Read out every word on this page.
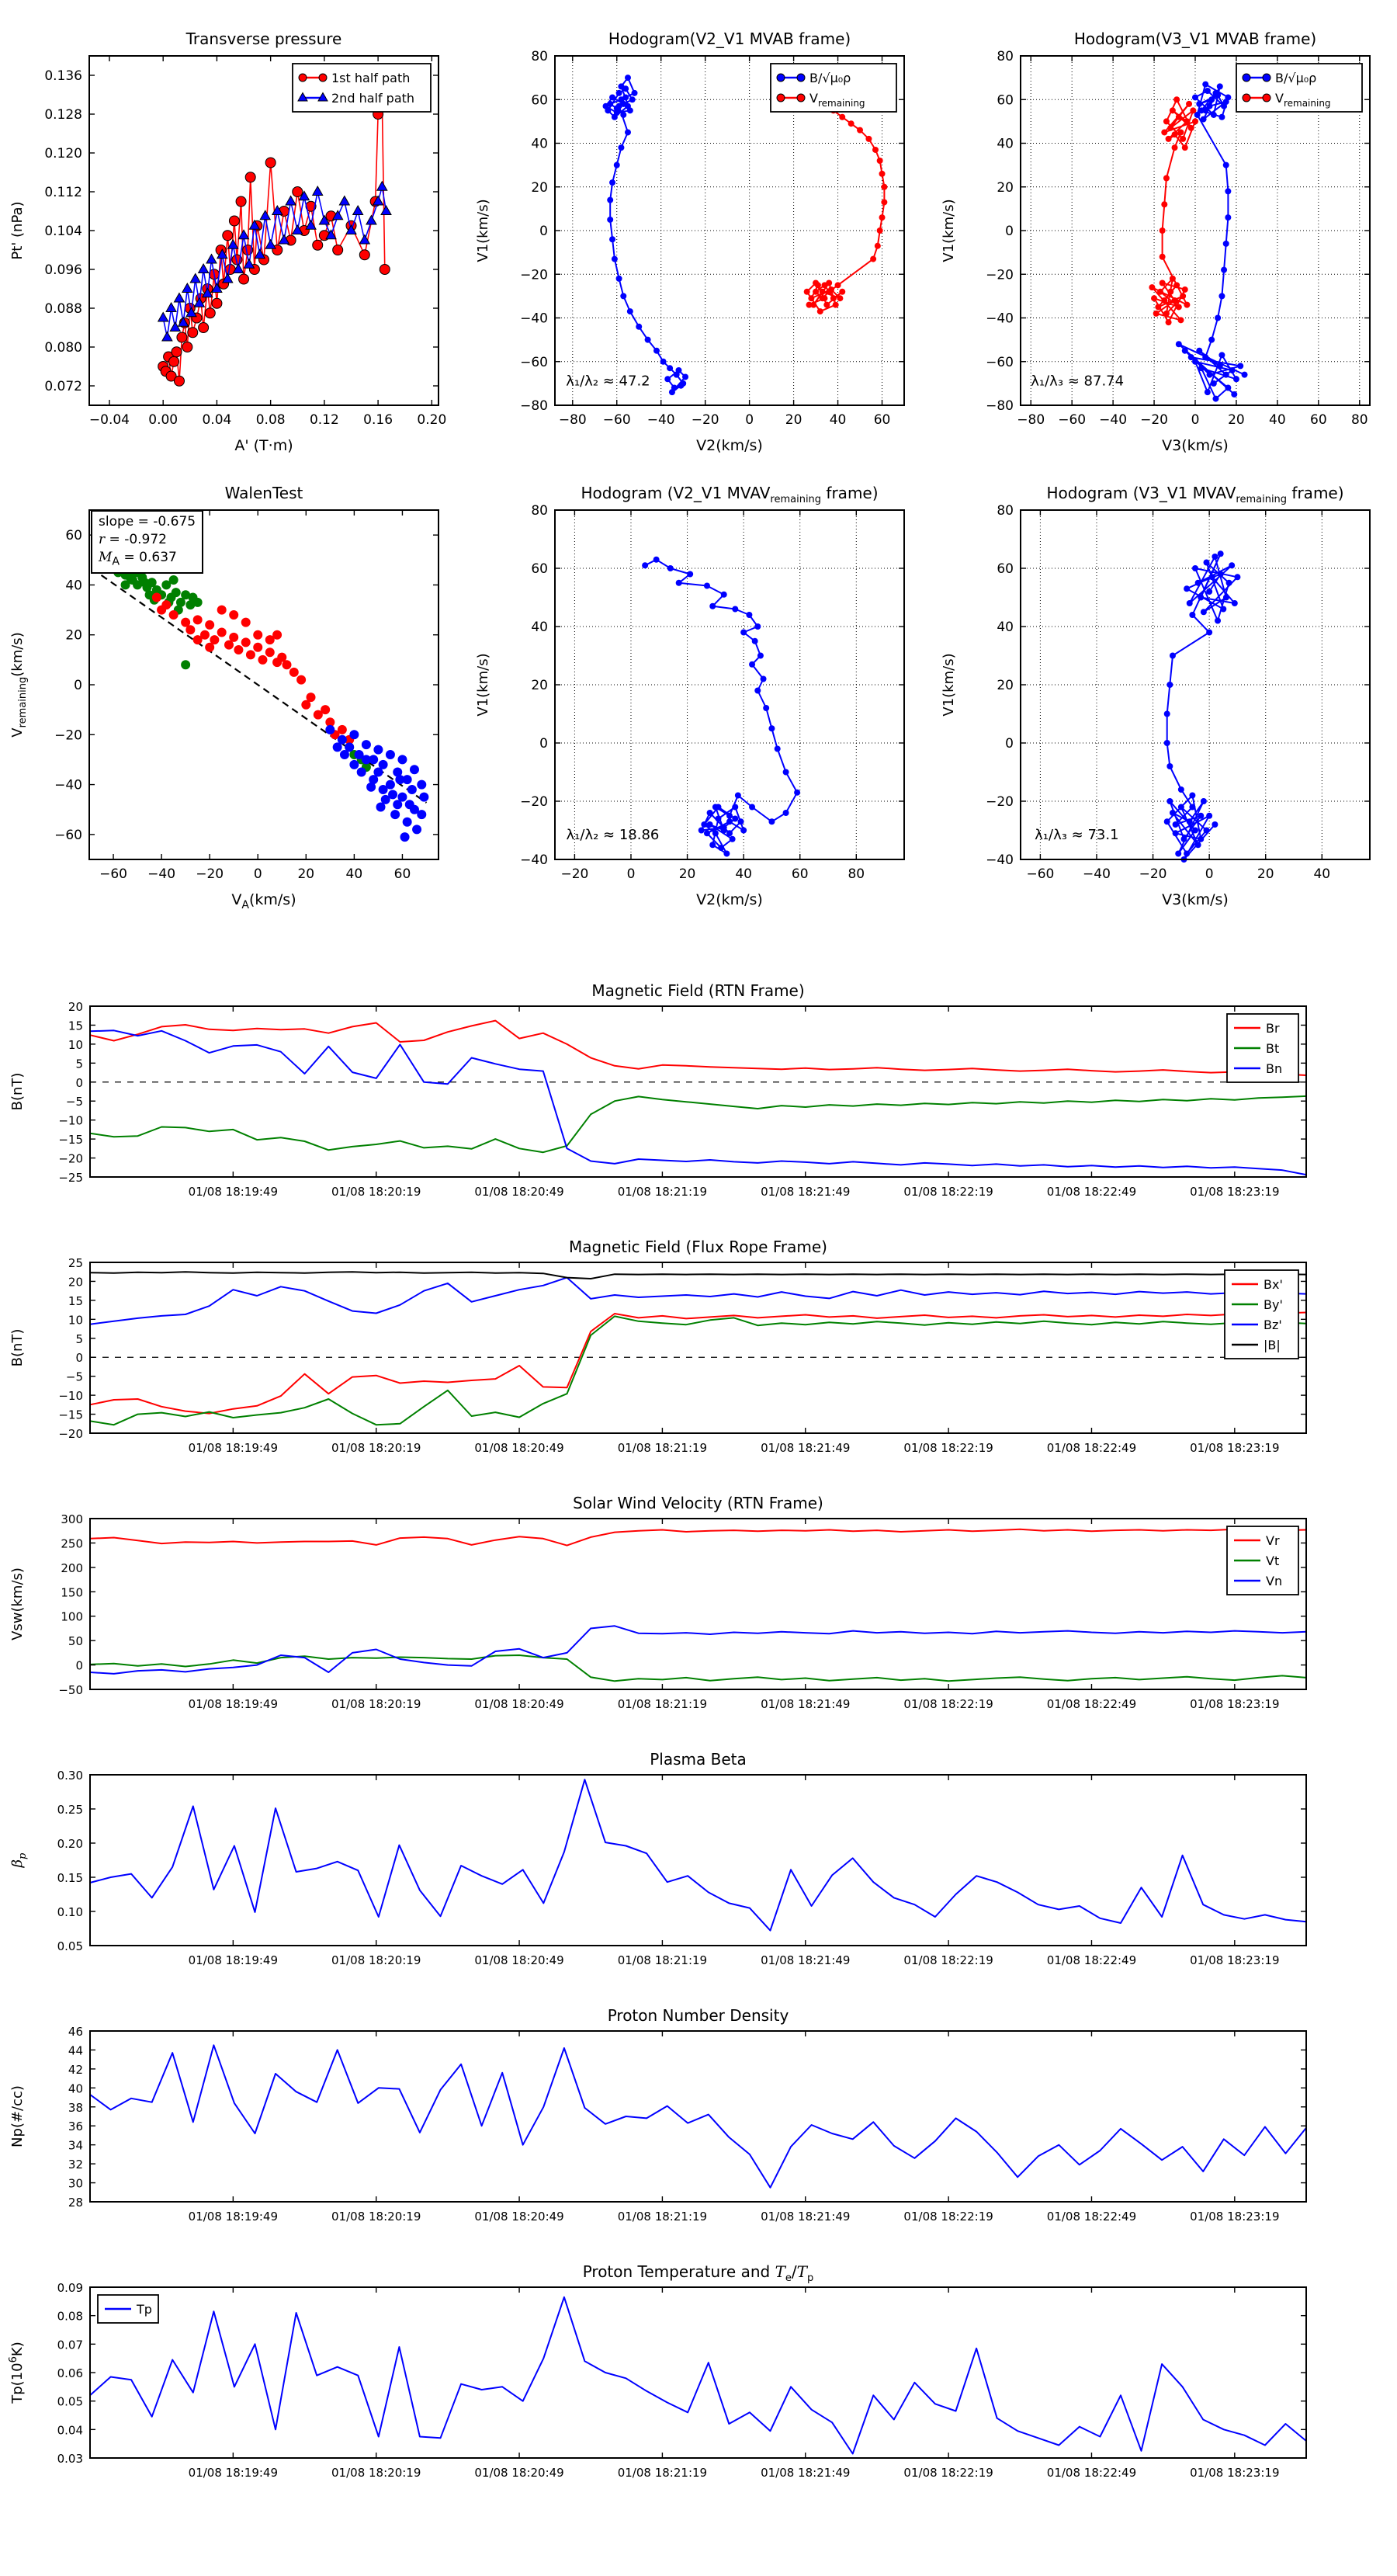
Transverse pressure
−0.04 0.00 0.04 0.08 0.12 0.16 0.20
0.072
0.080
0.088
0.096
0.104
0.112
0.120
0.128
0.136
A' (T·m)
Pt' (nPa)
1st half path
2nd half path
Hodogram(V2_V1 MVAB frame)
−80 −60 −40 −20 0 20 40 60
−80
−60
−40
−20
0
20
40
60
80
V2(km/s)
V1(km/s)
λ₁/λ₂ ≈ 47.2
B/√μ₀ρ
$V_{remaining}$
Hodogram(V3_V1 MVAB frame)
−80 −60 −40 −20 0 20 40 60 80
−80
−60
−40
−20
0
20
40
60
80
V3(km/s)
V1(km/s)
λ₁/λ₃ ≈ 87.74
B/√μ₀ρ
$V_{remaining}$
WalenTest
−60 −40 −20 0	20 40 60
−60
−40
−20
0
20
40
60
$V_A(km/s)$
$V_{remaining}(km/s)$
slope = -0.675
r = -0.972
$M_A = 0.637$
Hodogram (V2_V1 $MVAV_{remaining}$ frame)
−20	0	20	40	60	80
−40
−20
0
20
40
60
80
V2(km/s)
V1(km/s)
λ₁/λ₂ ≈ 18.86
Hodogram (V3_V1 $MVAV_{remaining}$ frame)
−60 −40 −20	0	20	40
−40
−20
0
20
40
60
80
V3(km/s)
V1(km/s)
λ₁/λ₃ ≈ 73.1
Magnetic Field (RTN Frame)
01/08 18:19:49	01/08 18:20:19	01/08 18:20:49	01/08 18:21:19	01/08 18:21:49	01/08 18:22:19	01/08 18:22:49	01/08 18:23:19
−25
−20
−15
−10
−5
0
5
10
15
20
B(nT)
Br
Bt
Bn
Magnetic Field (Flux Rope Frame)
01/08 18:19:49	01/08 18:20:19	01/08 18:20:49	01/08 18:21:19	01/08 18:21:49	01/08 18:22:19	01/08 18:22:49	01/08 18:23:19
−20
−15
−10
−5
0
5
10
15
20
25
B(nT)
Bx'
By'
Bz'
|B|
Solar Wind Velocity (RTN Frame)
01/08 18:19:49	01/08 18:20:19	01/08 18:20:49	01/08 18:21:19	01/08 18:21:49	01/08 18:22:19	01/08 18:22:49	01/08 18:23:19
−50
0
50
100
150
200
250
300
Vsw(km/s)
Vr
Vt
Vn
Plasma Beta
01/08 18:19:49	01/08 18:20:19	01/08 18:20:49	01/08 18:21:19	01/08 18:21:49	01/08 18:22:19	01/08 18:22:49	01/08 18:23:19
0.05
0.10
0.15
0.20
0.25
0.30
$\beta_p$
Proton Number Density
01/08 18:19:49	01/08 18:20:19	01/08 18:20:49	01/08 18:21:19	01/08 18:21:49	01/08 18:22:19	01/08 18:22:49	01/08 18:23:19
28
30
32
34
36
38
40
42
44
46
Np(#/cc)
Proton Temperature and $T_e/T_p$
01/08 18:19:49	01/08 18:20:19	01/08 18:20:49	01/08 18:21:19	01/08 18:21:49	01/08 18:22:19	01/08 18:22:49	01/08 18:23:19
0.03
0.04
0.05
0.06
0.07
0.08
0.09
$Tp(10^6K)$
Tp
